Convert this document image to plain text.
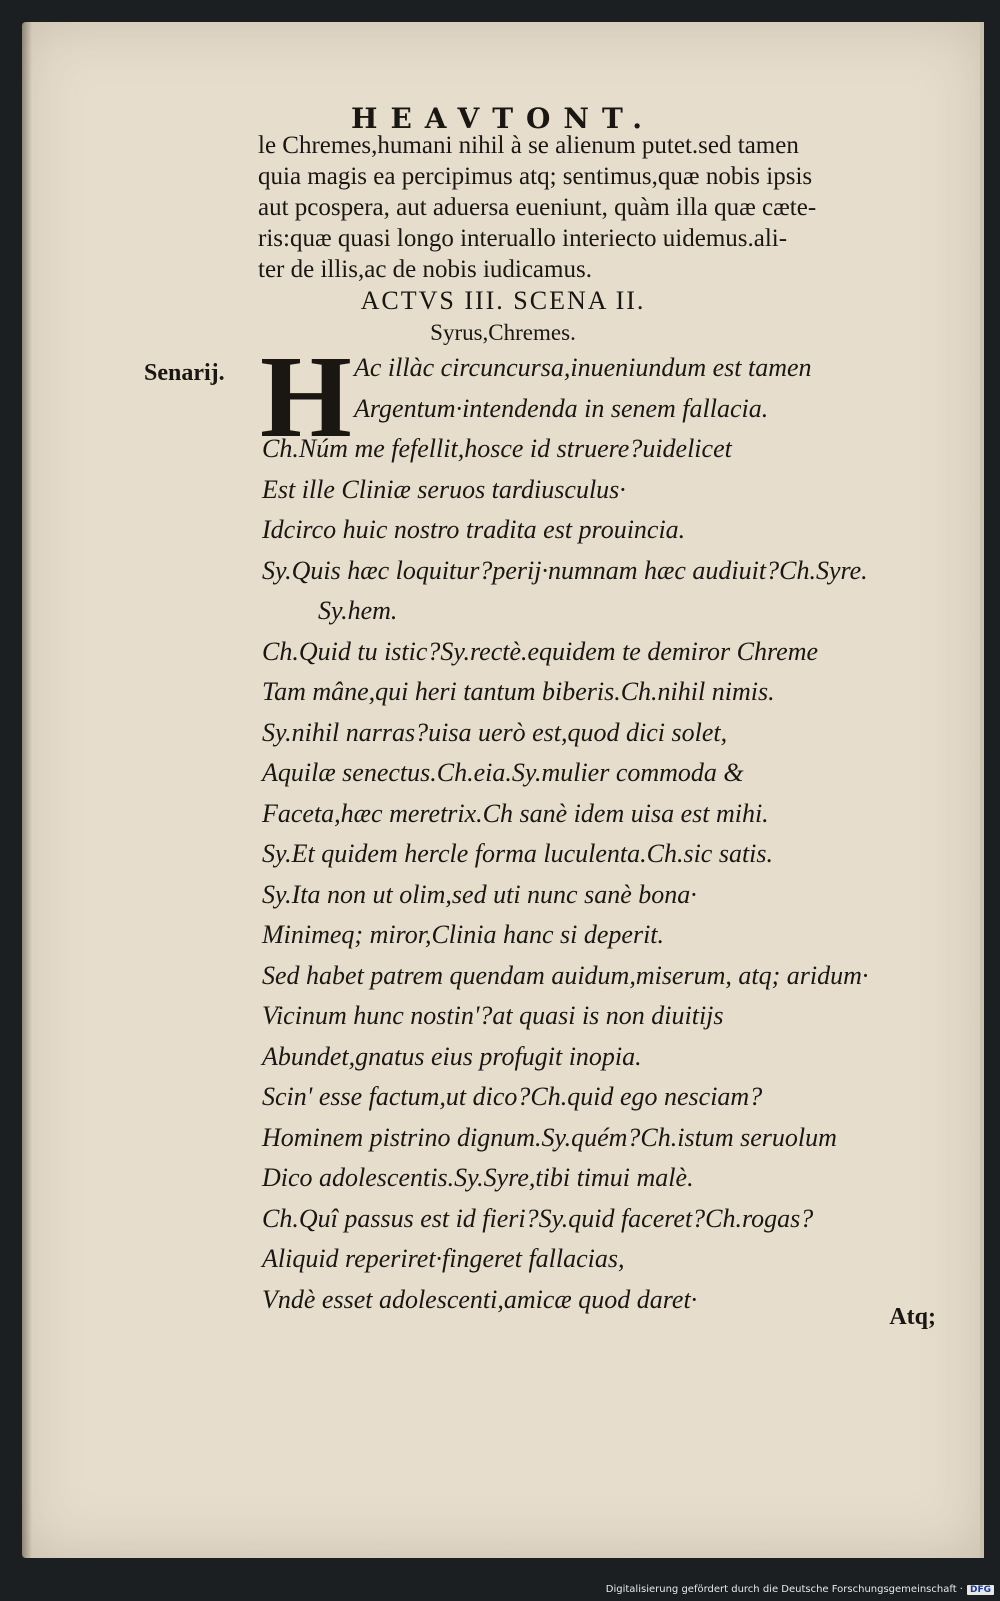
HEAVTONT.
le Chremes,humani nihil à se alienum putet.sed tamen
quia magis ea percipimus atq; sentimus,quæ nobis ipsis
aut pcospera, aut aduersa eueniunt, quàm illa quæ cæte-
ris:quæ quasi longo interuallo interiecto uidemus.ali-
ter de illis,ac de nobis iudicamus.
ACTVS III. SCENA II.
Syrus,Chremes.
Senarij. H Ac illàc circuncursa,inueniundum est tamen
Argentum·intendenda in senem fallacia.
Ch.Núm me fefellit,hosce id struere?uidelicet
Est ille Cliniæ seruos tardiusculus·
Idcirco huic nostro tradita est prouincia.
Sy.Quis hæc loquitur?perij·numnam hæc audiuit?Ch.Syre.
Sy.hem.
Ch.Quid tu istic?Sy.rectè.equidem te demiror Chreme
Tam mâne,qui heri tantum biberis.Ch.nihil nimis.
Sy.nihil narras?uisa uerò est,quod dici solet,
Aquilæ senectus.Ch.eia.Sy.mulier commoda &
Faceta,hæc meretrix.Ch sanè idem uisa est mihi.
Sy.Et quidem hercle forma luculenta.Ch.sic satis.
Sy.Ita non ut olim,sed uti nunc sanè bona·
Minimeq; miror,Clinia hanc si deperit.
Sed habet patrem quendam auidum,miserum, atq; aridum·
Vicinum hunc nostin'?at quasi is non diuitijs
Abundet,gnatus eius profugit inopia.
Scin' esse factum,ut dico?Ch.quid ego nesciam?
Hominem pistrino dignum.Sy.quém?Ch.istum seruolum
Dico adolescentis.Sy.Syre,tibi timui malè.
Ch.Quî passus est id fieri?Sy.quid faceret?Ch.rogas?
Aliquid reperiret·fingeret fallacias,
Vndè esset adolescenti,amicæ quod daret·
Atq;
Digitalisierung gefördert durch die Deutsche Forschungsgemeinschaft · DFG
